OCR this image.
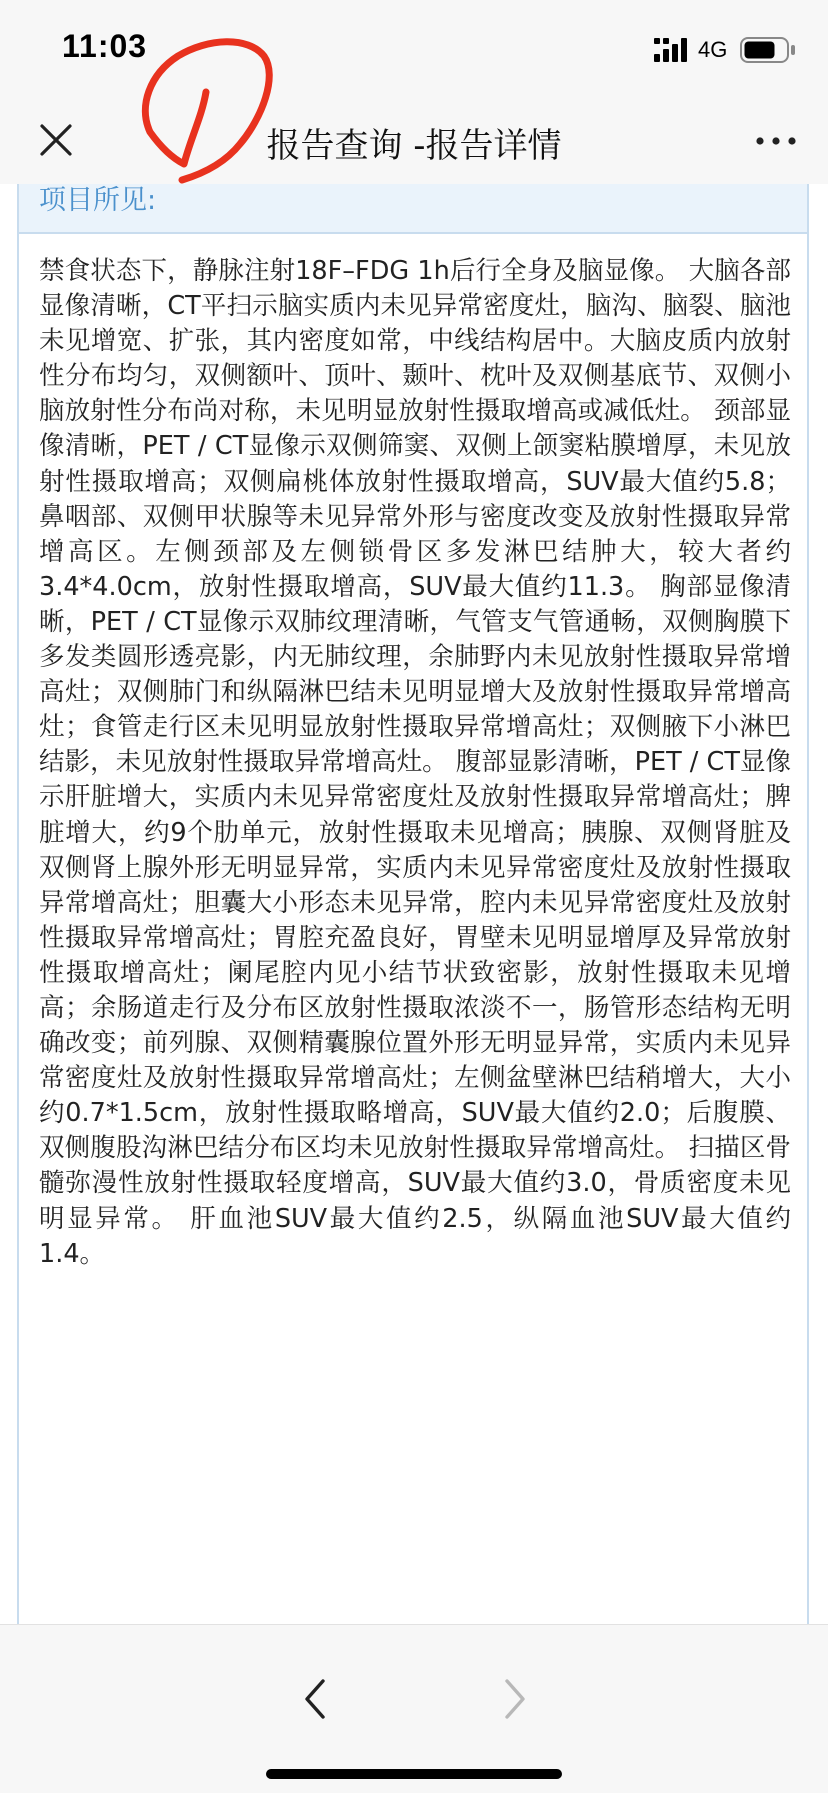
11:03	4G
报告查询 -报告详情
项目所见:

禁食状态下，静脉注射18F–FDG 1h后行全身及脑显像。 大脑各部显像清晰，CT平扫示脑实质内未见异常密度灶，脑沟、脑裂、脑池未见增宽、扩张，其内密度如常，中线结构居中。大脑皮质内放射性分布均匀，双侧额叶、顶叶、颞叶、枕叶及双侧基底节、双侧小脑放射性分布尚对称，未见明显放射性摄取增高或减低灶。 颈部显像清晰，PET / CT显像示双侧筛窦、双侧上颌窦粘膜增厚，未见放射性摄取增高；双侧扁桃体放射性摄取增高，SUV最大值约5.8；鼻咽部、双侧甲状腺等未见异常外形与密度改变及放射性摄取异常增高区。左侧颈部及左侧锁骨区多发淋巴结肿大，较大者约3.4*4.0cm，放射性摄取增高，SUV最大值约11.3。 胸部显像清晰，PET / CT显像示双肺纹理清晰，气管支气管通畅，双侧胸膜下多发类圆形透亮影，内无肺纹理，余肺野内未见放射性摄取异常增高灶；双侧肺门和纵隔淋巴结未见明显增大及放射性摄取异常增高灶；食管走行区未见明显放射性摄取异常增高灶；双侧腋下小淋巴结影，未见放射性摄取异常增高灶。 腹部显影清晰，PET / CT显像示肝脏增大，实质内未见异常密度灶及放射性摄取异常增高灶；脾脏增大，约9个肋单元，放射性摄取未见增高；胰腺、双侧肾脏及双侧肾上腺外形无明显异常，实质内未见异常密度灶及放射性摄取异常增高灶；胆囊大小形态未见异常，腔内未见异常密度灶及放射性摄取异常增高灶；胃腔充盈良好，胃壁未见明显增厚及异常放射性摄取增高灶；阑尾腔内见小结节状致密影，放射性摄取未见增高；余肠道走行及分布区放射性摄取浓淡不一，肠管形态结构无明确改变；前列腺、双侧精囊腺位置外形无明显异常，实质内未见异常密度灶及放射性摄取异常增高灶；左侧盆壁淋巴结稍增大，大小约0.7*1.5cm，放射性摄取略增高，SUV最大值约2.0；后腹膜、双侧腹股沟淋巴结分布区均未见放射性摄取异常增高灶。 扫描区骨髓弥漫性放射性摄取轻度增高，SUV最大值约3.0，骨质密度未见明显异常。 肝血池SUV最大值约2.5，纵隔血池SUV最大值约1.4。
